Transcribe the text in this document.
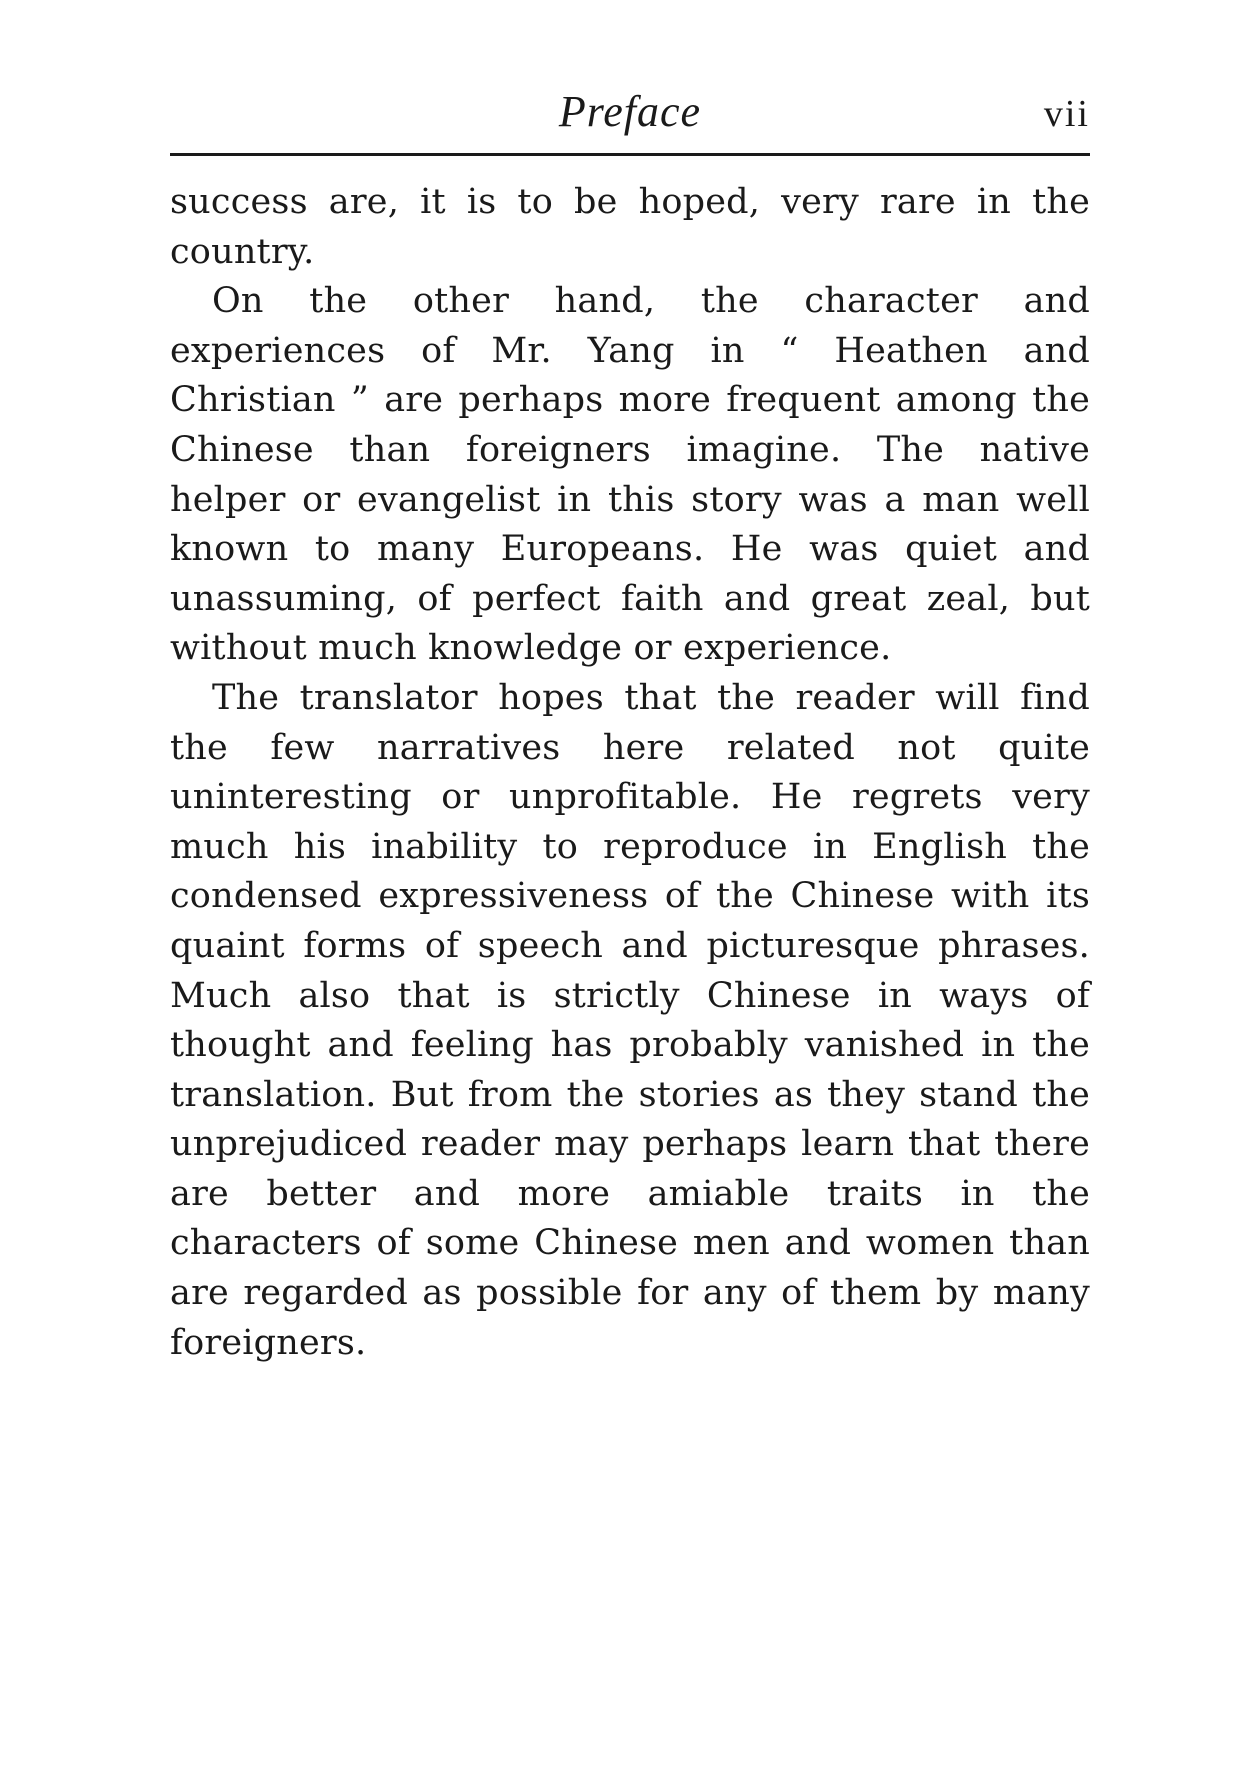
Preface	vii

success are, it is to be hoped, very rare in the country.

On the other hand, the character and experiences of Mr. Yang in “ Heathen and Christian ” are perhaps more frequent among the Chinese than foreigners imagine. The native helper or evangelist in this story was a man well known to many Europeans. He was quiet and unassuming, of perfect faith and great zeal, but without much knowledge or experience.

The translator hopes that the reader will find the few narratives here related not quite uninteresting or unprofitable. He regrets very much his inability to reproduce in English the condensed expressiveness of the Chinese with its quaint forms of speech and picturesque phrases. Much also that is strictly Chinese in ways of thought and feeling has probably vanished in the translation. But from the stories as they stand the unprejudiced reader may perhaps learn that there are better and more amiable traits in the characters of some Chinese men and women than are regarded as possible for any of them by many foreigners.
